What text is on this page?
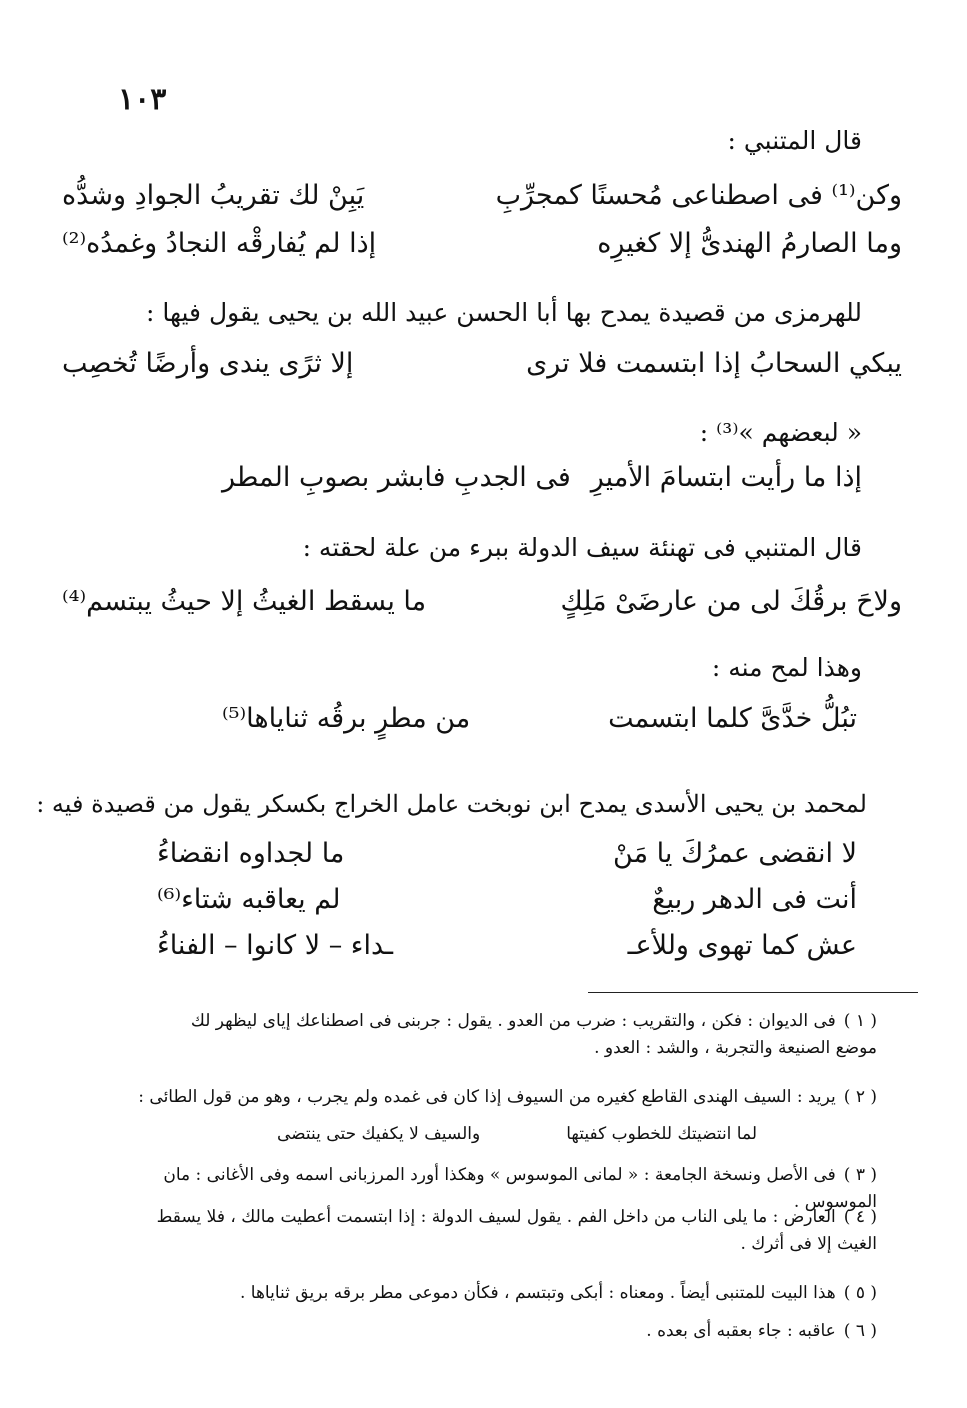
١٠٣
قال المتنبي :
وكن⁽¹⁾ فى اصطناعى مُحسنًا كمجرِّبِ
يَبِنْ لك تقريبُ الجوادِ وشدُّه
وما الصارمُ الهندىُّ إلا كغيرِه
إذا لم يُفارقْه النجادُ وغمدُه⁽²⁾
للهرمزى من قصيدة يمدح بها أبا الحسن عبيد الله بن يحيى يقول فيها :
يبكي السحابُ إذا ابتسمت فلا ترى
إلا ثرًى يندى وأرضًا تُخصِب
« لبعضهم »⁽³⁾ :
إذا ما رأيت ابتسامَ الأميرِ
فى الجدبِ فابشر بصوبِ المطر
قال المتنبي فى تهنئة سيف الدولة ببرء من علة لحقته :
ولاحَ برقُكَ لى من عارضَىْ مَلِكٍ
ما يسقط الغيثُ إلا حيثُ يبتسم⁽⁴⁾
وهذا لمح منه :
تبُلُّ خدَّىَّ كلما ابتسمت
من مطرٍ برقُه ثناياها⁽⁵⁾
لمحمد بن يحيى الأسدى يمدح ابن نوبخت عامل الخراج بكسكر يقول من قصيدة فيه :
لا انقضى عمرُكَ يا مَنْ
ما لجداوه انقضاءُ
أنت فى الدهر ربيعٌ
لم يعاقبه شتاء⁽⁶⁾
عش كما تهوى وللأعـ
ـداء – لا كانوا – الفناءُ
( ١ )فى الديوان : فكن ، والتقريب : ضرب من العدو . يقول : جربنى فى اصطناعك إياى ليظهر لك
موضع الصنيعة والتجربة ، والشد : العدو .
( ٢ )يريد : السيف الهندى القاطع كغيره من السيوف إذا كان فى غمده ولم يجرب ، وهو من قول الطائى :
لما انتضيتك للخطوب كفيتها
والسيف لا يكفيك حتى ينتضى
( ٣ )فى الأصل ونسخة الجامعة : « لمانى الموسوس » وهكذا أورد المرزبانى اسمه وفى الأغانى : مان الموسوس .
( ٤ )العارض : ما يلى الناب من داخل الفم . يقول لسيف الدولة : إذا ابتسمت أعطيت مالك ، فلا يسقط
الغيث إلا فى أثرك .
( ٥ )هذا البيت للمتنبى أيضاً . ومعناه : أبكى وتبتسم ، فكأن دموعى مطر برقه بريق ثناياها .
( ٦ )عاقبه : جاء بعقبه أى بعده .
